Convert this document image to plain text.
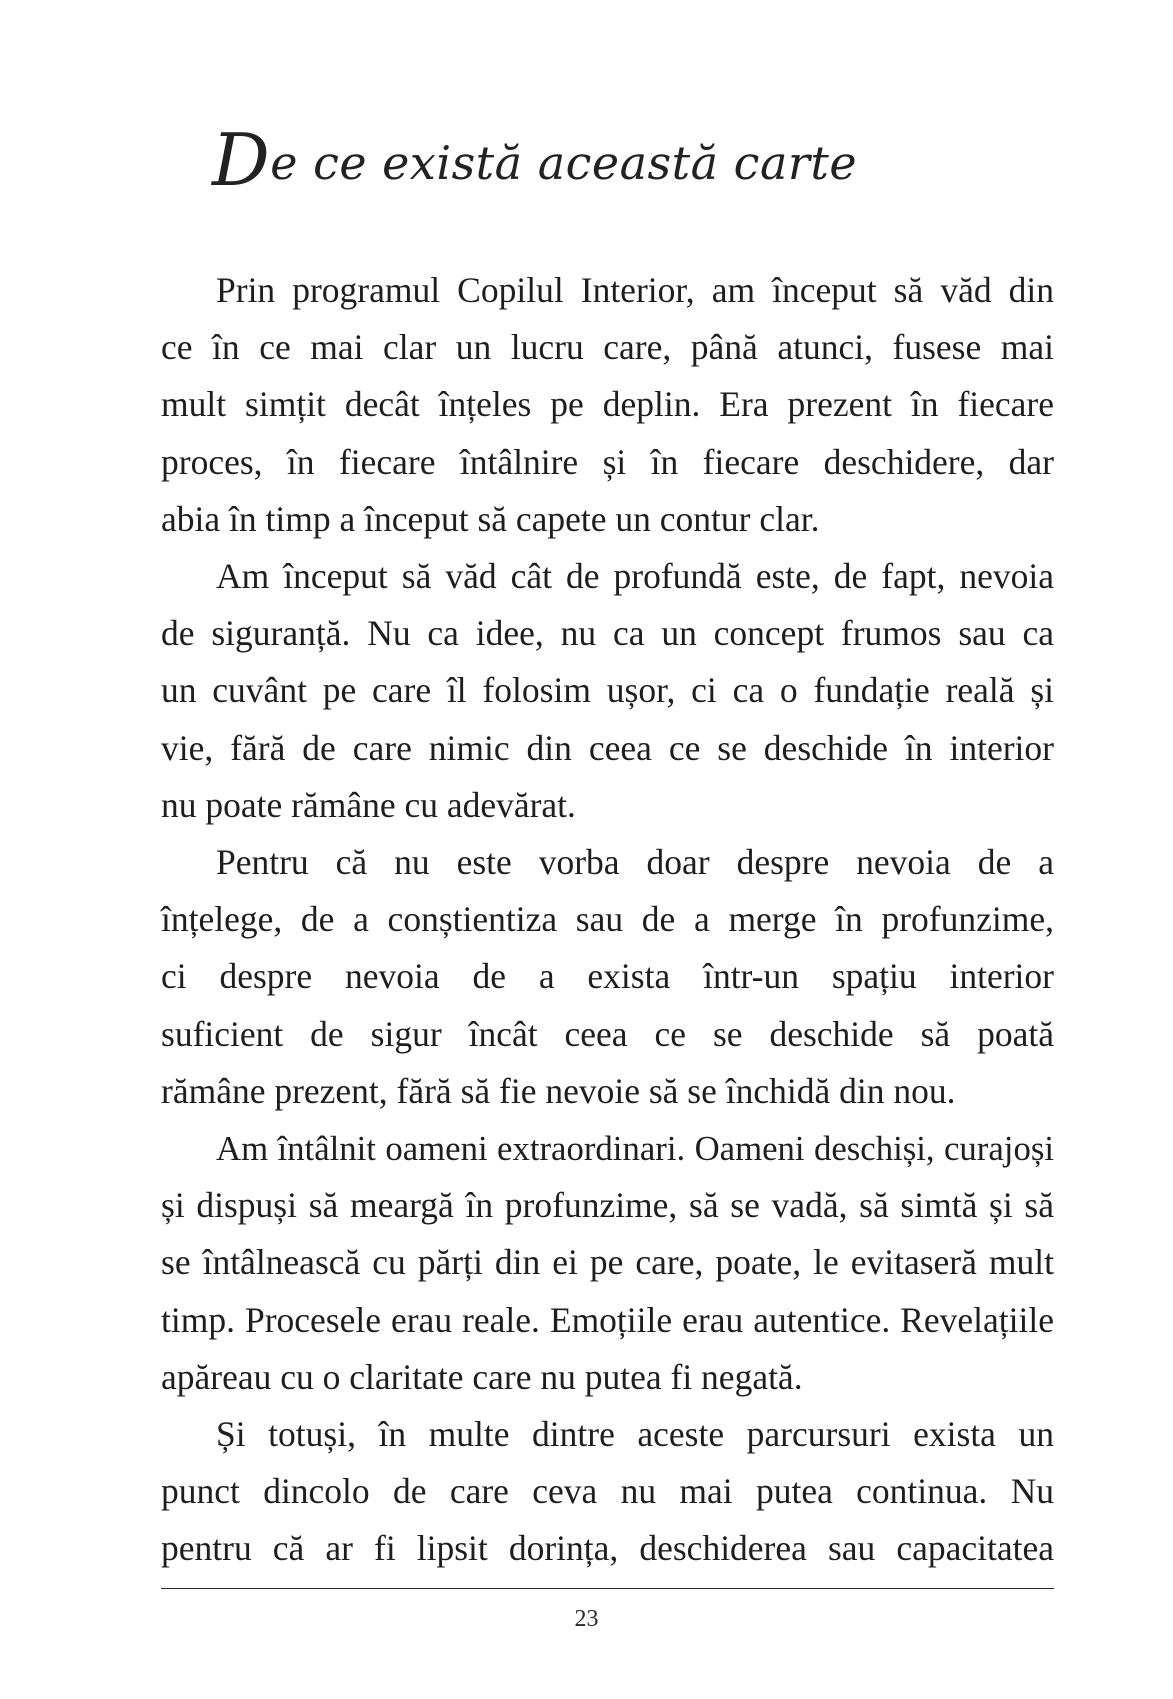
De ce există această carte

Prin programul Copilul Interior, am început să văd din
ce în ce mai clar un lucru care, până atunci, fusese mai
mult simțit decât înțeles pe deplin. Era prezent în fiecare
proces, în fiecare întâlnire și în fiecare deschidere, dar
abia în timp a început să capete un contur clar.

Am început să văd cât de profundă este, de fapt, nevoia
de siguranță. Nu ca idee, nu ca un concept frumos sau ca
un cuvânt pe care îl folosim ușor, ci ca o fundație reală și
vie, fără de care nimic din ceea ce se deschide în interior
nu poate rămâne cu adevărat.

Pentru că nu este vorba doar despre nevoia de a
înțelege, de a conștientiza sau de a merge în profunzime,
ci despre nevoia de a exista într-un spațiu interior
suficient de sigur încât ceea ce se deschide să poată
rămâne prezent, fără să fie nevoie să se închidă din nou.

Am întâlnit oameni extraordinari. Oameni deschiși, curajoși
și dispuși să meargă în profunzime, să se vadă, să simtă și să
se întâlnească cu părți din ei pe care, poate, le evitaseră mult
timp. Procesele erau reale. Emoțiile erau autentice. Revelațiile
apăreau cu o claritate care nu putea fi negată.

Și totuși, în multe dintre aceste parcursuri exista un
punct dincolo de care ceva nu mai putea continua. Nu
pentru că ar fi lipsit dorința, deschiderea sau capacitatea

23
